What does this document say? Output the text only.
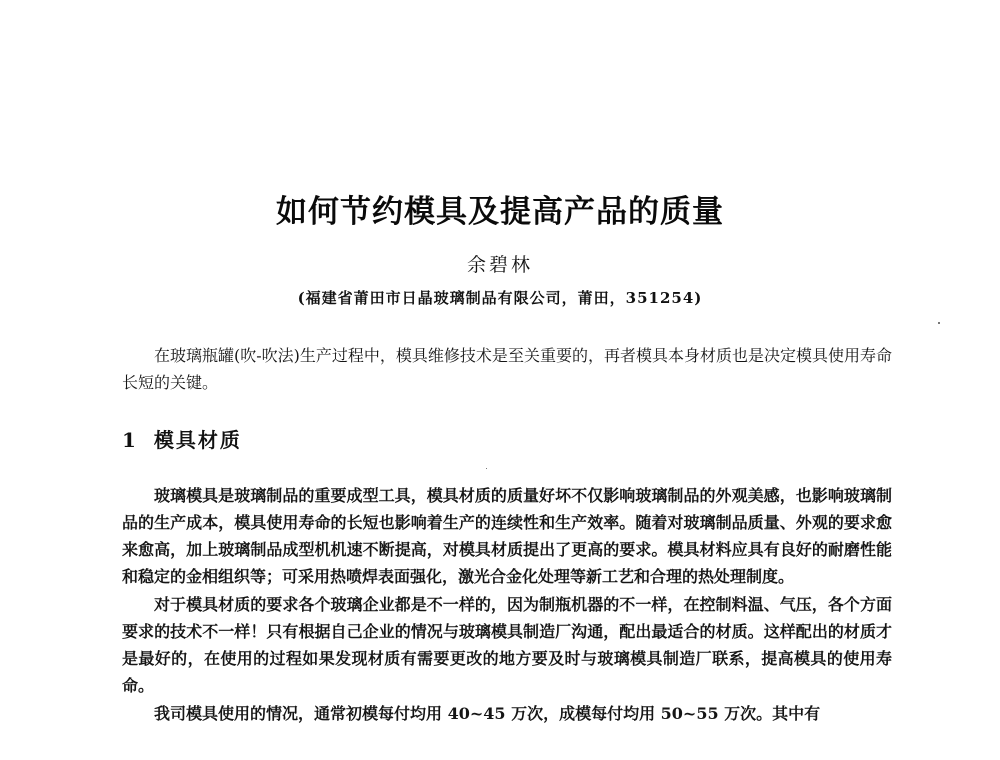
如何节约模具及提高产品的质量
余碧林
(福建省莆田市日晶玻璃制品有限公司，莆田，351254)

在玻璃瓶罐(吹-吹法)生产过程中，模具维修技术是至关重要的，再者模具本身材质也是决定模具使用寿命长短的关键。

1 模具材质

玻璃模具是玻璃制品的重要成型工具，模具材质的质量好坏不仅影响玻璃制品的外观美感，也影响玻璃制品的生产成本，模具使用寿命的长短也影响着生产的连续性和生产效率。随着对玻璃制品质量、外观的要求愈来愈高，加上玻璃制品成型机机速不断提高，对模具材质提出了更高的要求。模具材料应具有良好的耐磨性能和稳定的金相组织等；可采用热喷焊表面强化，激光合金化处理等新工艺和合理的热处理制度。

对于模具材质的要求各个玻璃企业都是不一样的，因为制瓶机器的不一样，在控制料温、气压，各个方面要求的技术不一样！只有根据自己企业的情况与玻璃模具制造厂沟通，配出最适合的材质。这样配出的材质才是最好的，在使用的过程如果发现材质有需要更改的地方要及时与玻璃模具制造厂联系，提高模具的使用寿命。

我司模具使用的情况，通常初模每付均用 40~45 万次，成模每付均用 50~55 万次。其中有
